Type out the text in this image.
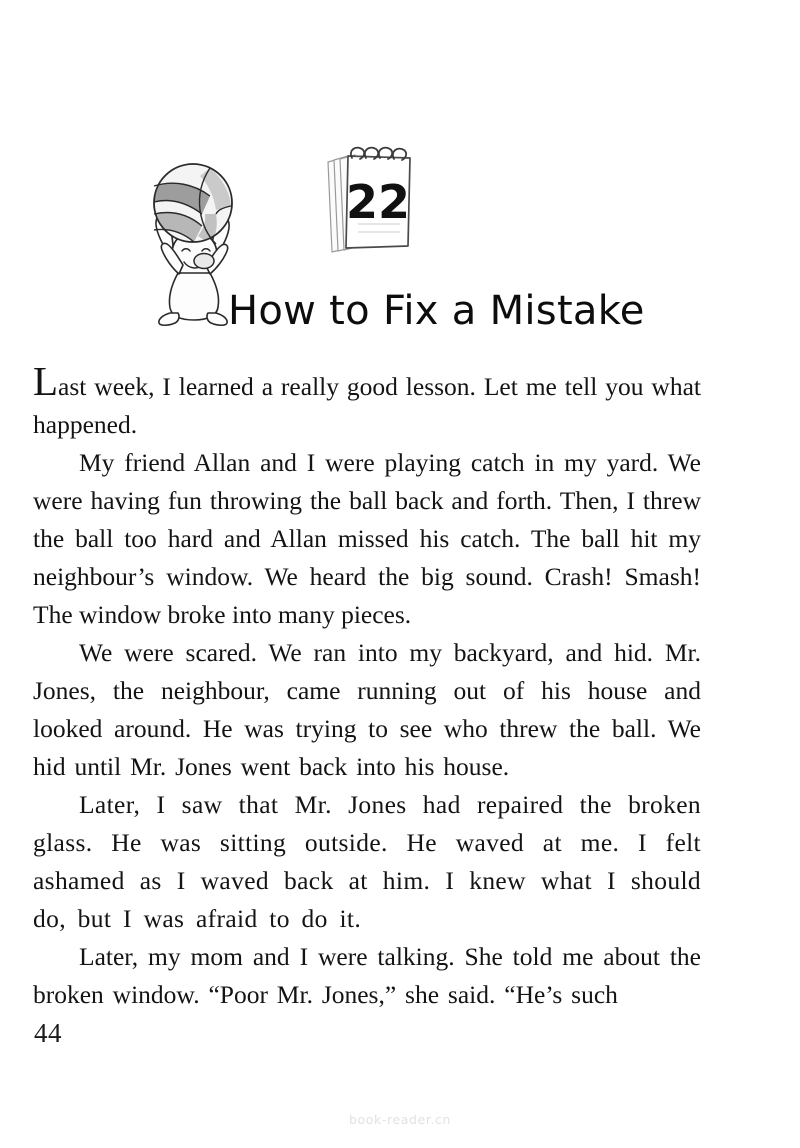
22
How to Fix a Mistake

Last week, I learned a really good lesson. Let me tell you what happened.

My friend Allan and I were playing catch in my yard. We were having fun throwing the ball back and forth. Then, I threw the ball too hard and Allan missed his catch. The ball hit my neighbour’s window. We heard the big sound. Crash! Smash! The window broke into many pieces.

We were scared. We ran into my backyard, and hid. Mr. Jones, the neighbour, came running out of his house and looked around. He was trying to see who threw the ball. We hid until Mr. Jones went back into his house.

Later, I saw that Mr. Jones had repaired the broken glass. He was sitting outside. He waved at me. I felt ashamed as I waved back at him. I knew what I should do, but I was afraid to do it.

Later, my mom and I were talking. She told me about the broken window. “Poor Mr. Jones,” she said. “He’s such

44
book-reader.cn
